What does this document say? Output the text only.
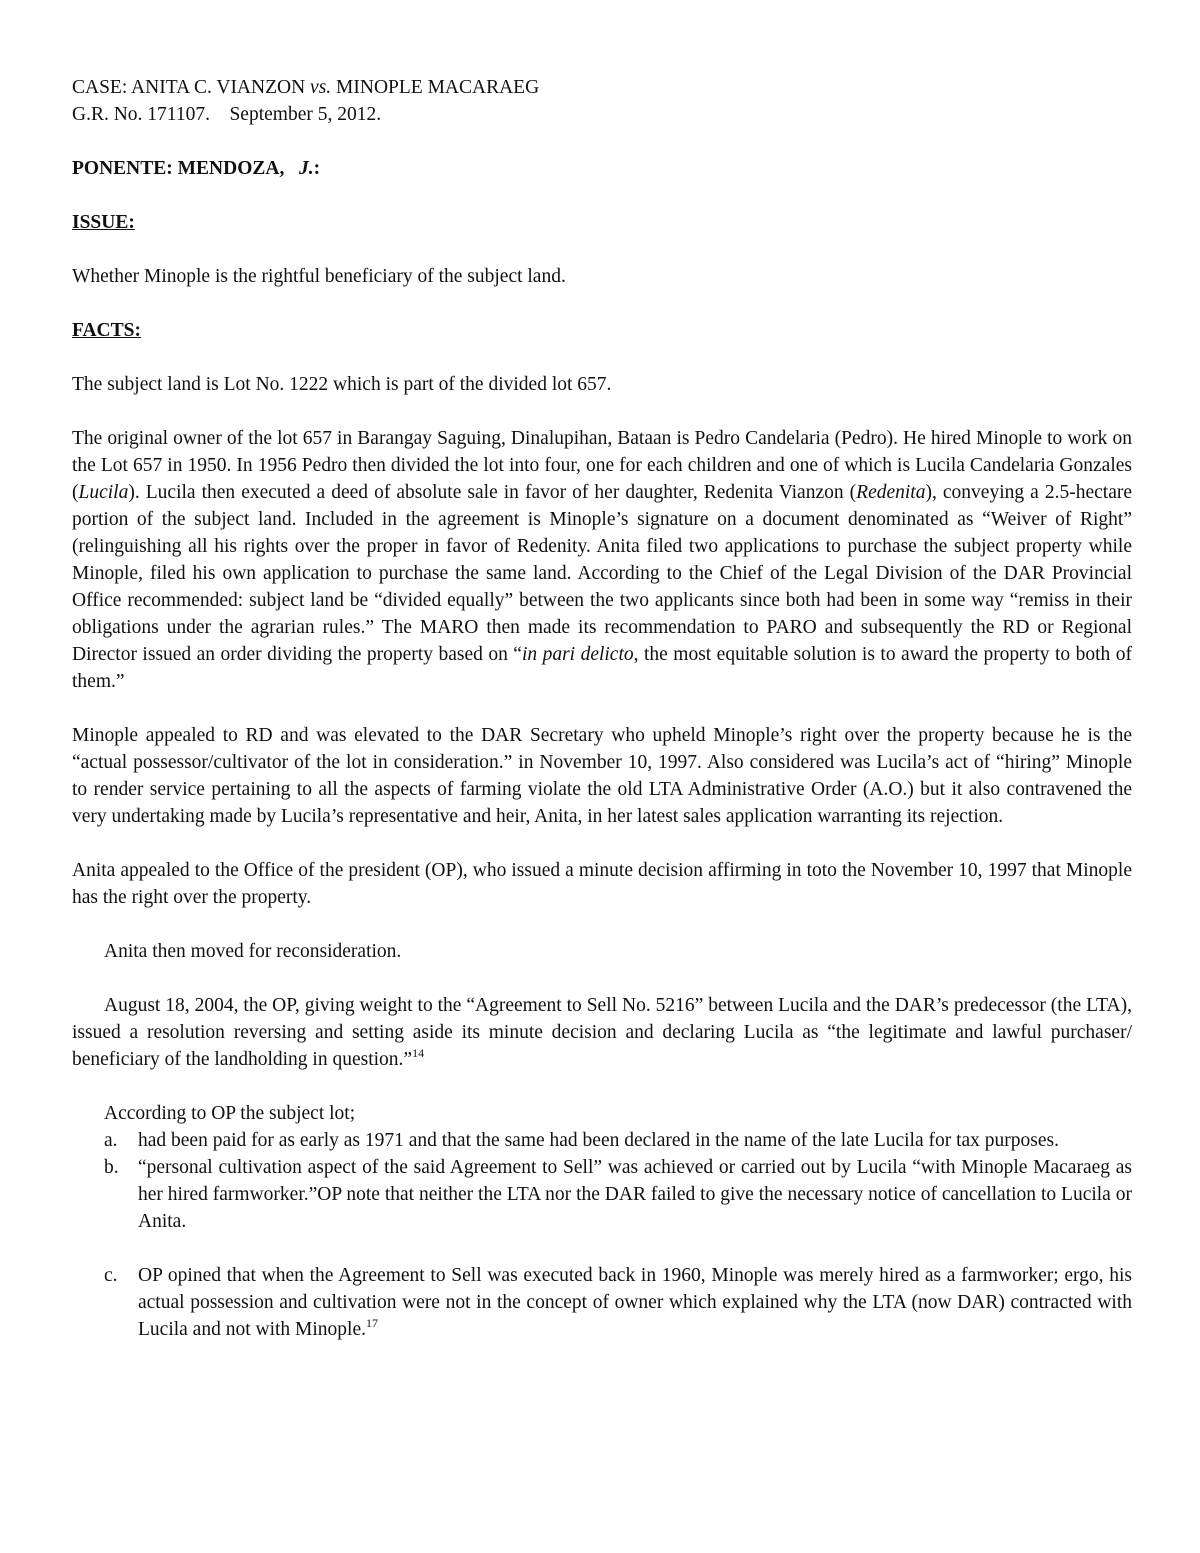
CASE: ANITA C. VIANZON vs. MINOPLE MACARAEG

G.R. No. 171107.    September 5, 2012.

PONENTE: MENDOZA,   J.:

ISSUE:

Whether Minople is the rightful beneficiary of the subject land.

FACTS:

The subject land is Lot No. 1222 which is part of the divided lot 657.

The original owner of the lot 657 in Barangay Saguing, Dinalupihan, Bataan is Pedro Candelaria (Pedro). He hired Minople to work on the Lot 657 in 1950. In 1956 Pedro then divided the lot into four, one for each children and one of which is Lucila Candelaria Gonzales (Lucila). Lucila then executed a deed of absolute sale in favor of her daughter, Redenita Vianzon (Redenita), conveying a 2.5-hectare portion of the subject land. Included in the agreement is Minople’s signature on a document denominated as “Weiver of Right” (relinguishing all his rights over the proper in favor of Redenity. Anita filed two applications to purchase the subject property while Minople, filed his own application to purchase the same land. According to the Chief of the Legal Division of the DAR Provincial Office recommended: subject land be “divided equally” between the two applicants since both had been in some way “remiss in their obligations under the agrarian rules.” The MARO then made its recommendation to PARO and subsequently the RD or Regional Director issued an order dividing the property based on “in pari delicto, the most equitable solution is to award the property to both of them.”

Minople appealed to RD and was elevated to the DAR Secretary who upheld Minople’s right over the property because he is the “actual possessor/cultivator of the lot in consideration.” in November 10, 1997. Also considered was Lucila’s act of “hiring” Minople to render service pertaining to all the aspects of farming violate the old LTA Administrative Order (A.O.) but it also contravened the very undertaking made by Lucila’s representative and heir, Anita, in her latest sales application warranting its rejection.

Anita appealed to the Office of the president (OP), who issued a minute decision affirming in toto the November 10, 1997 that Minople has the right over the property.

Anita then moved for reconsideration.

August 18, 2004, the OP, giving weight to the “Agreement to Sell No. 5216” between Lucila and the DAR’s predecessor (the LTA), issued a resolution reversing and setting aside its minute decision and declaring Lucila as “the legitimate and lawful purchaser/ beneficiary of the landholding in question.”$^{14}$

According to OP the subject lot;

a. had been paid for as early as 1971 and that the same had been declared in the name of the late Lucila for tax purposes.
b. “personal cultivation aspect of the said Agreement to Sell” was achieved or carried out by Lucila “with Minople Macaraeg as her hired farmworker.”OP note that neither the LTA nor the DAR failed to give the necessary notice of cancellation to Lucila or Anita.
c. OP opined that when the Agreement to Sell was executed back in 1960, Minople was merely hired as a farmworker; ergo, his actual possession and cultivation were not in the concept of owner which explained why the LTA (now DAR) contracted with Lucila and not with Minople.$^{17}$
